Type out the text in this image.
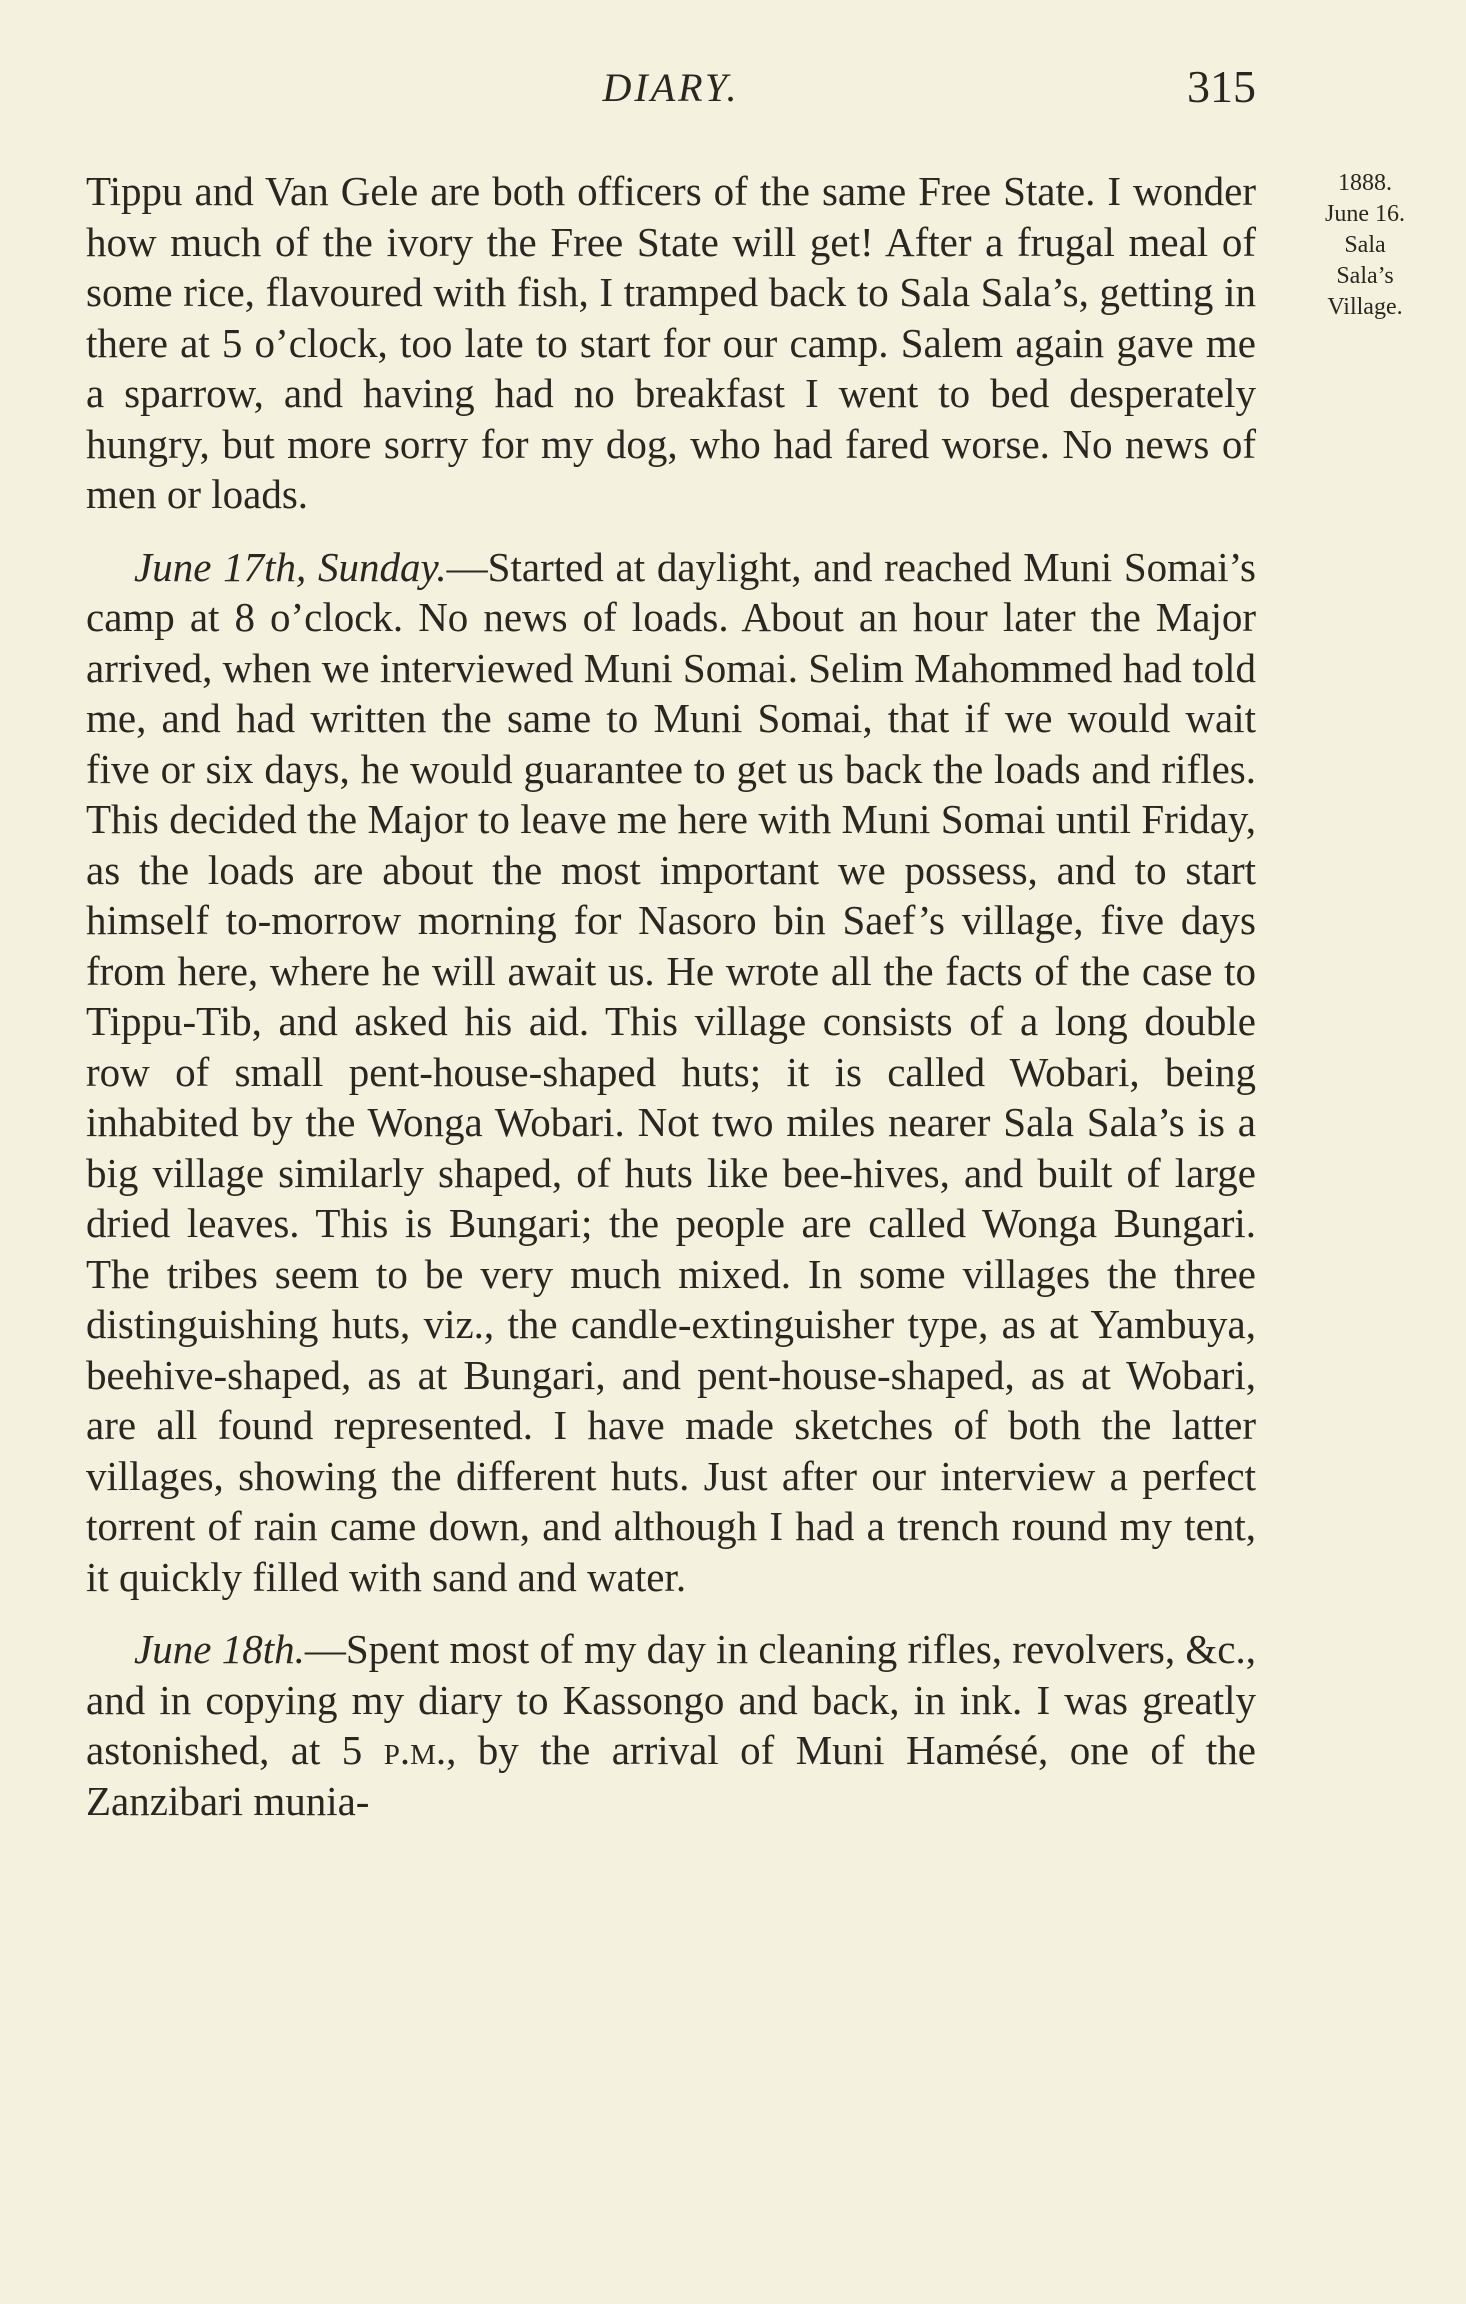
DIARY.	315
1888.
June 16.
Sala
Sala’s
Village.

Tippu and Van Gele are both officers of the same Free State. I wonder how much of the ivory the Free State will get! After a frugal meal of some rice, flavoured with fish, I tramped back to Sala Sala’s, getting in there at 5 o’clock, too late to start for our camp. Salem again gave me a sparrow, and having had no breakfast I went to bed desperately hungry, but more sorry for my dog, who had fared worse. No news of men or loads.

June 17th, Sunday.—Started at daylight, and reached Muni Somai’s camp at 8 o’clock. No news of loads. About an hour later the Major arrived, when we interviewed Muni Somai. Selim Mahommed had told me, and had written the same to Muni Somai, that if we would wait five or six days, he would guarantee to get us back the loads and rifles. This decided the Major to leave me here with Muni Somai until Friday, as the loads are about the most important we possess, and to start himself to-morrow morning for Nasoro bin Saef’s village, five days from here, where he will await us. He wrote all the facts of the case to Tippu-Tib, and asked his aid. This village consists of a long double row of small pent-house-shaped huts; it is called Wobari, being inhabited by the Wonga Wobari. Not two miles nearer Sala Sala’s is a big village similarly shaped, of huts like bee-hives, and built of large dried leaves. This is Bungari; the people are called Wonga Bungari. The tribes seem to be very much mixed. In some villages the three distinguishing huts, viz., the candle-extinguisher type, as at Yambuya, beehive-shaped, as at Bungari, and pent-house-shaped, as at Wobari, are all found represented. I have made sketches of both the latter villages, showing the different huts. Just after our interview a perfect torrent of rain came down, and although I had a trench round my tent, it quickly filled with sand and water.

June 18th.—Spent most of my day in cleaning rifles, revolvers, &c., and in copying my diary to Kassongo and back, in ink. I was greatly astonished, at 5 p.m., by the arrival of Muni Hamésé, one of the Zanzibari munia-
